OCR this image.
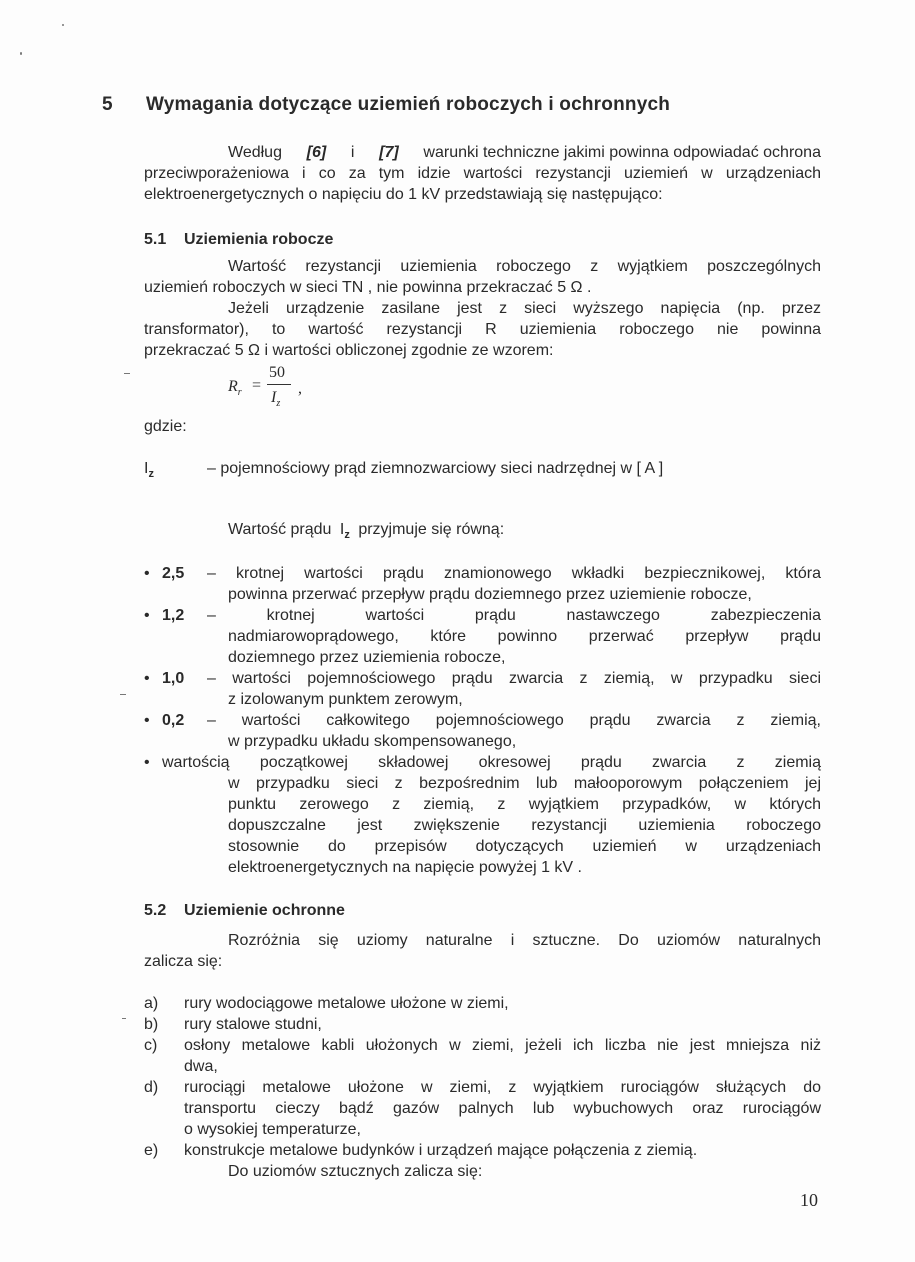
5 Wymagania dotyczące uziemień roboczych i ochronnych
Według [6] i [7] warunki techniczne jakimi powinna odpowiadać ochrona
przeciwporażeniowa i co za tym idzie wartości rezystancji uziemień w urządzeniach
elektroenergetycznych o napięciu do 1 kV przedstawiają się następująco:
5.1 Uziemienia robocze
Wartość rezystancji uziemienia roboczego z wyjątkiem poszczególnych
uziemień roboczych w sieci TN , nie powinna przekraczać 5 Ω .
Jeżeli urządzenie zasilane jest z sieci wyższego napięcia (np. przez
transformator), to wartość rezystancji R uziemienia roboczego nie powinna
przekraczać 5 Ω i wartości obliczonej zgodnie ze wzorem:
$R_r$ =
50
$I_z$
,
gdzie:
$I_z$	– pojemnościowy prąd ziemnozwarciowy sieci nadrzędnej w [ A ]
Wartość prądu $I_z$ przyjmuje się równą:
• 2,5 – krotnej wartości prądu znamionowego wkładki bezpiecznikowej, która
powinna przerwać przepływ prądu doziemnego przez uziemienie robocze,
• 1,2 – krotnej wartości prądu nastawczego zabezpieczenia
nadmiarowoprądowego, które powinno przerwać przepływ prądu
doziemnego przez uziemienia robocze,
• 1,0 – wartości pojemnościowego prądu zwarcia z ziemią, w przypadku sieci
z izolowanym punktem zerowym,
• 0,2 – wartości całkowitego pojemnościowego prądu zwarcia z ziemią,
w przypadku układu skompensowanego,
• wartością początkowej składowej okresowej prądu zwarcia z ziemią
w przypadku sieci z bezpośrednim lub małooporowym połączeniem jej
punktu zerowego z ziemią, z wyjątkiem przypadków, w których
dopuszczalne jest zwiększenie rezystancji uziemienia roboczego
stosownie do przepisów dotyczących uziemień w urządzeniach
elektroenergetycznych na napięcie powyżej 1 kV .
5.2 Uziemienie ochronne
Rozróżnia się uziomy naturalne i sztuczne. Do uziomów naturalnych
zalicza się:
a) rury wodociągowe metalowe ułożone w ziemi,
b) rury stalowe studni,
c) osłony metalowe kabli ułożonych w ziemi, jeżeli ich liczba nie jest mniejsza niż
dwa,
d) rurociągi metalowe ułożone w ziemi, z wyjątkiem rurociągów służących do
transportu cieczy bądź gazów palnych lub wybuchowych oraz rurociągów
o wysokiej temperaturze,
e) konstrukcje metalowe budynków i urządzeń mające połączenia z ziemią.
Do uziomów sztucznych zalicza się:
10
